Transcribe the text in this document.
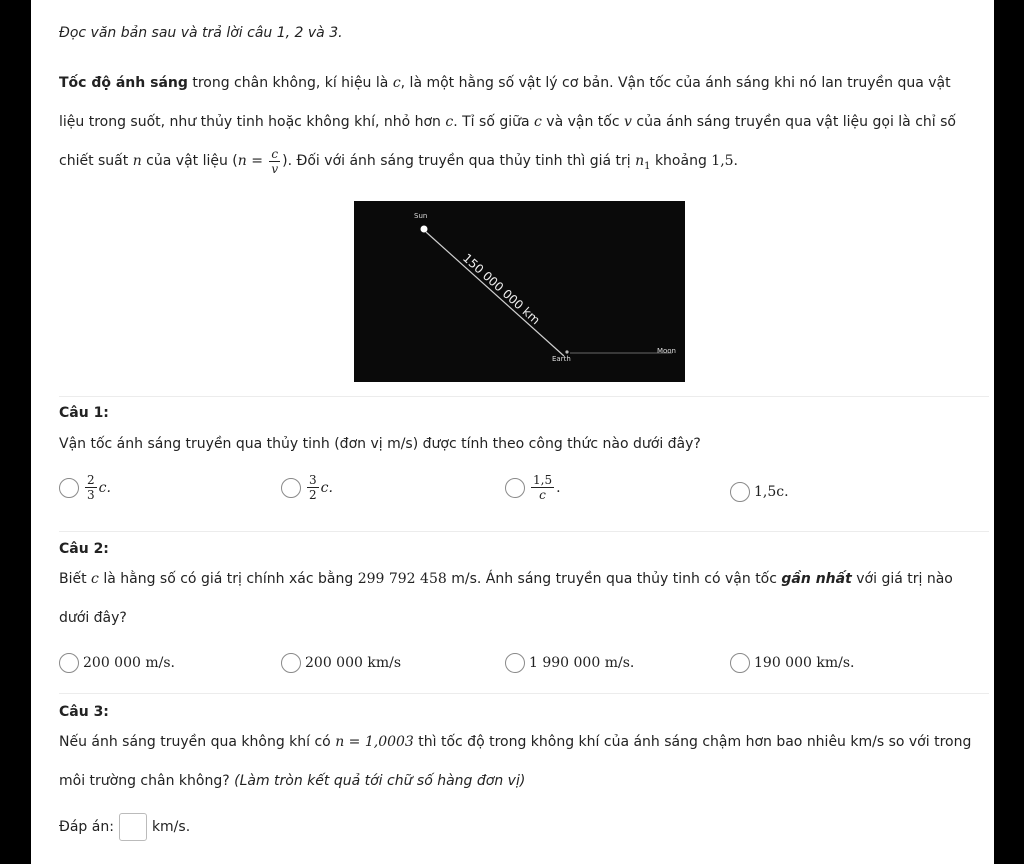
Đọc văn bản sau và trả lời câu 1, 2 và 3.
Tốc độ ánh sáng trong chân không, kí hiệu là c, là một hằng số vật lý cơ bản. Vận tốc của ánh sáng khi nó lan truyền qua vật liệu trong suốt, như thủy tinh hoặc không khí, nhỏ hơn c. Tỉ số giữa c và vận tốc v của ánh sáng truyền qua vật liệu gọi là chỉ số chiết suất n của vật liệu ($n = \frac{c}{v}$ ). Đối với ánh sáng truyền qua thủy tinh thì giá trị $n_1$ khoảng 1,5.
Sun
150 000 000 km
Earth
Moon
Câu 1:
Vận tốc ánh sáng truyền qua thủy tinh (đơn vị m/s) được tính theo công thức nào dưới đây?
$\frac{2}{3} c$.	$\frac{3}{2} c$.	$\frac{1,5}{c}$ .	1,5c.
Câu 2:
Biết c là hằng số có giá trị chính xác bằng 299 792 458 m/s. Ánh sáng truyền qua thủy tinh có vận tốc gần nhất với giá trị nào dưới đây?
200 000 m/s.	200 000 km/s	1 990 000 m/s.	190 000 km/s.
Câu 3:
Nếu ánh sáng truyền qua không khí có n = 1,0003 thì tốc độ trong không khí của ánh sáng chậm hơn bao nhiêu km/s so với trong môi trường chân không? (Làm tròn kết quả tới chữ số hàng đơn vị)
Đáp án:	km/s.
